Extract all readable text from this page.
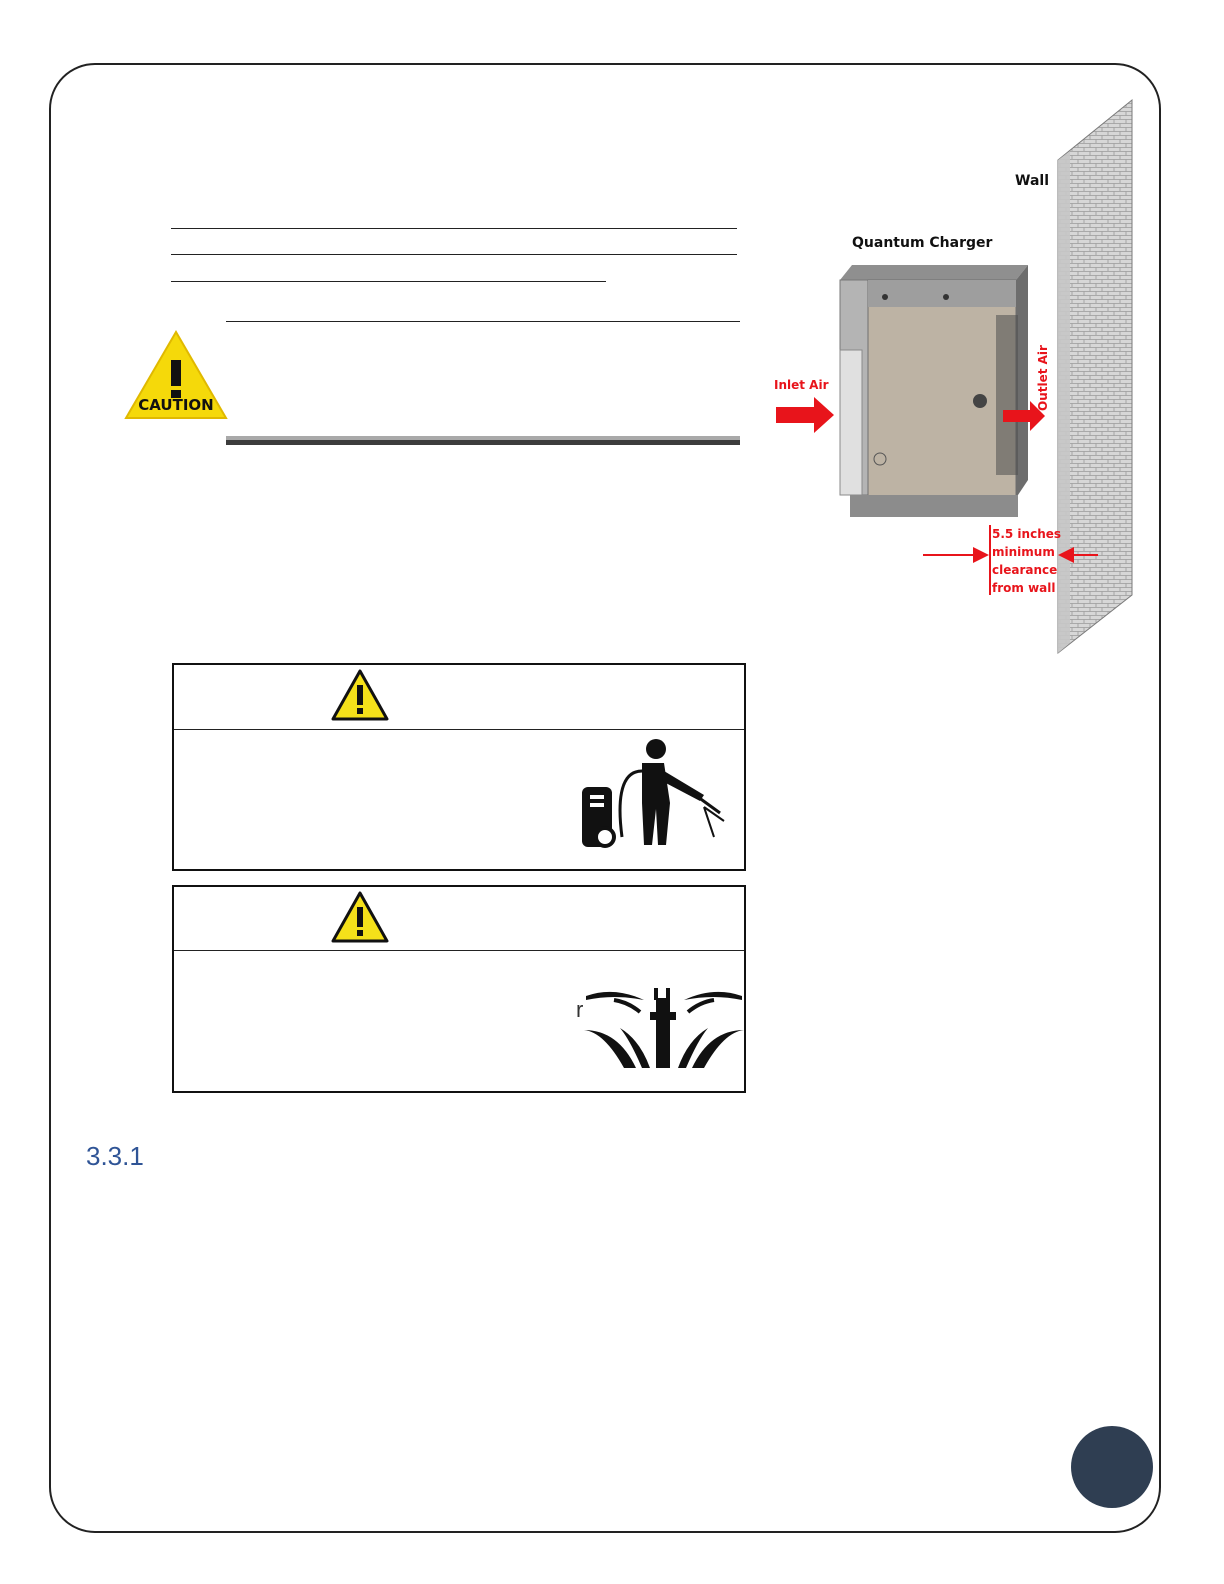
CAUTION
Wall
Quantum Charger
Inlet Air	Outlet Air
5.5 inches minimum clearance from wall
r
3.3.1
